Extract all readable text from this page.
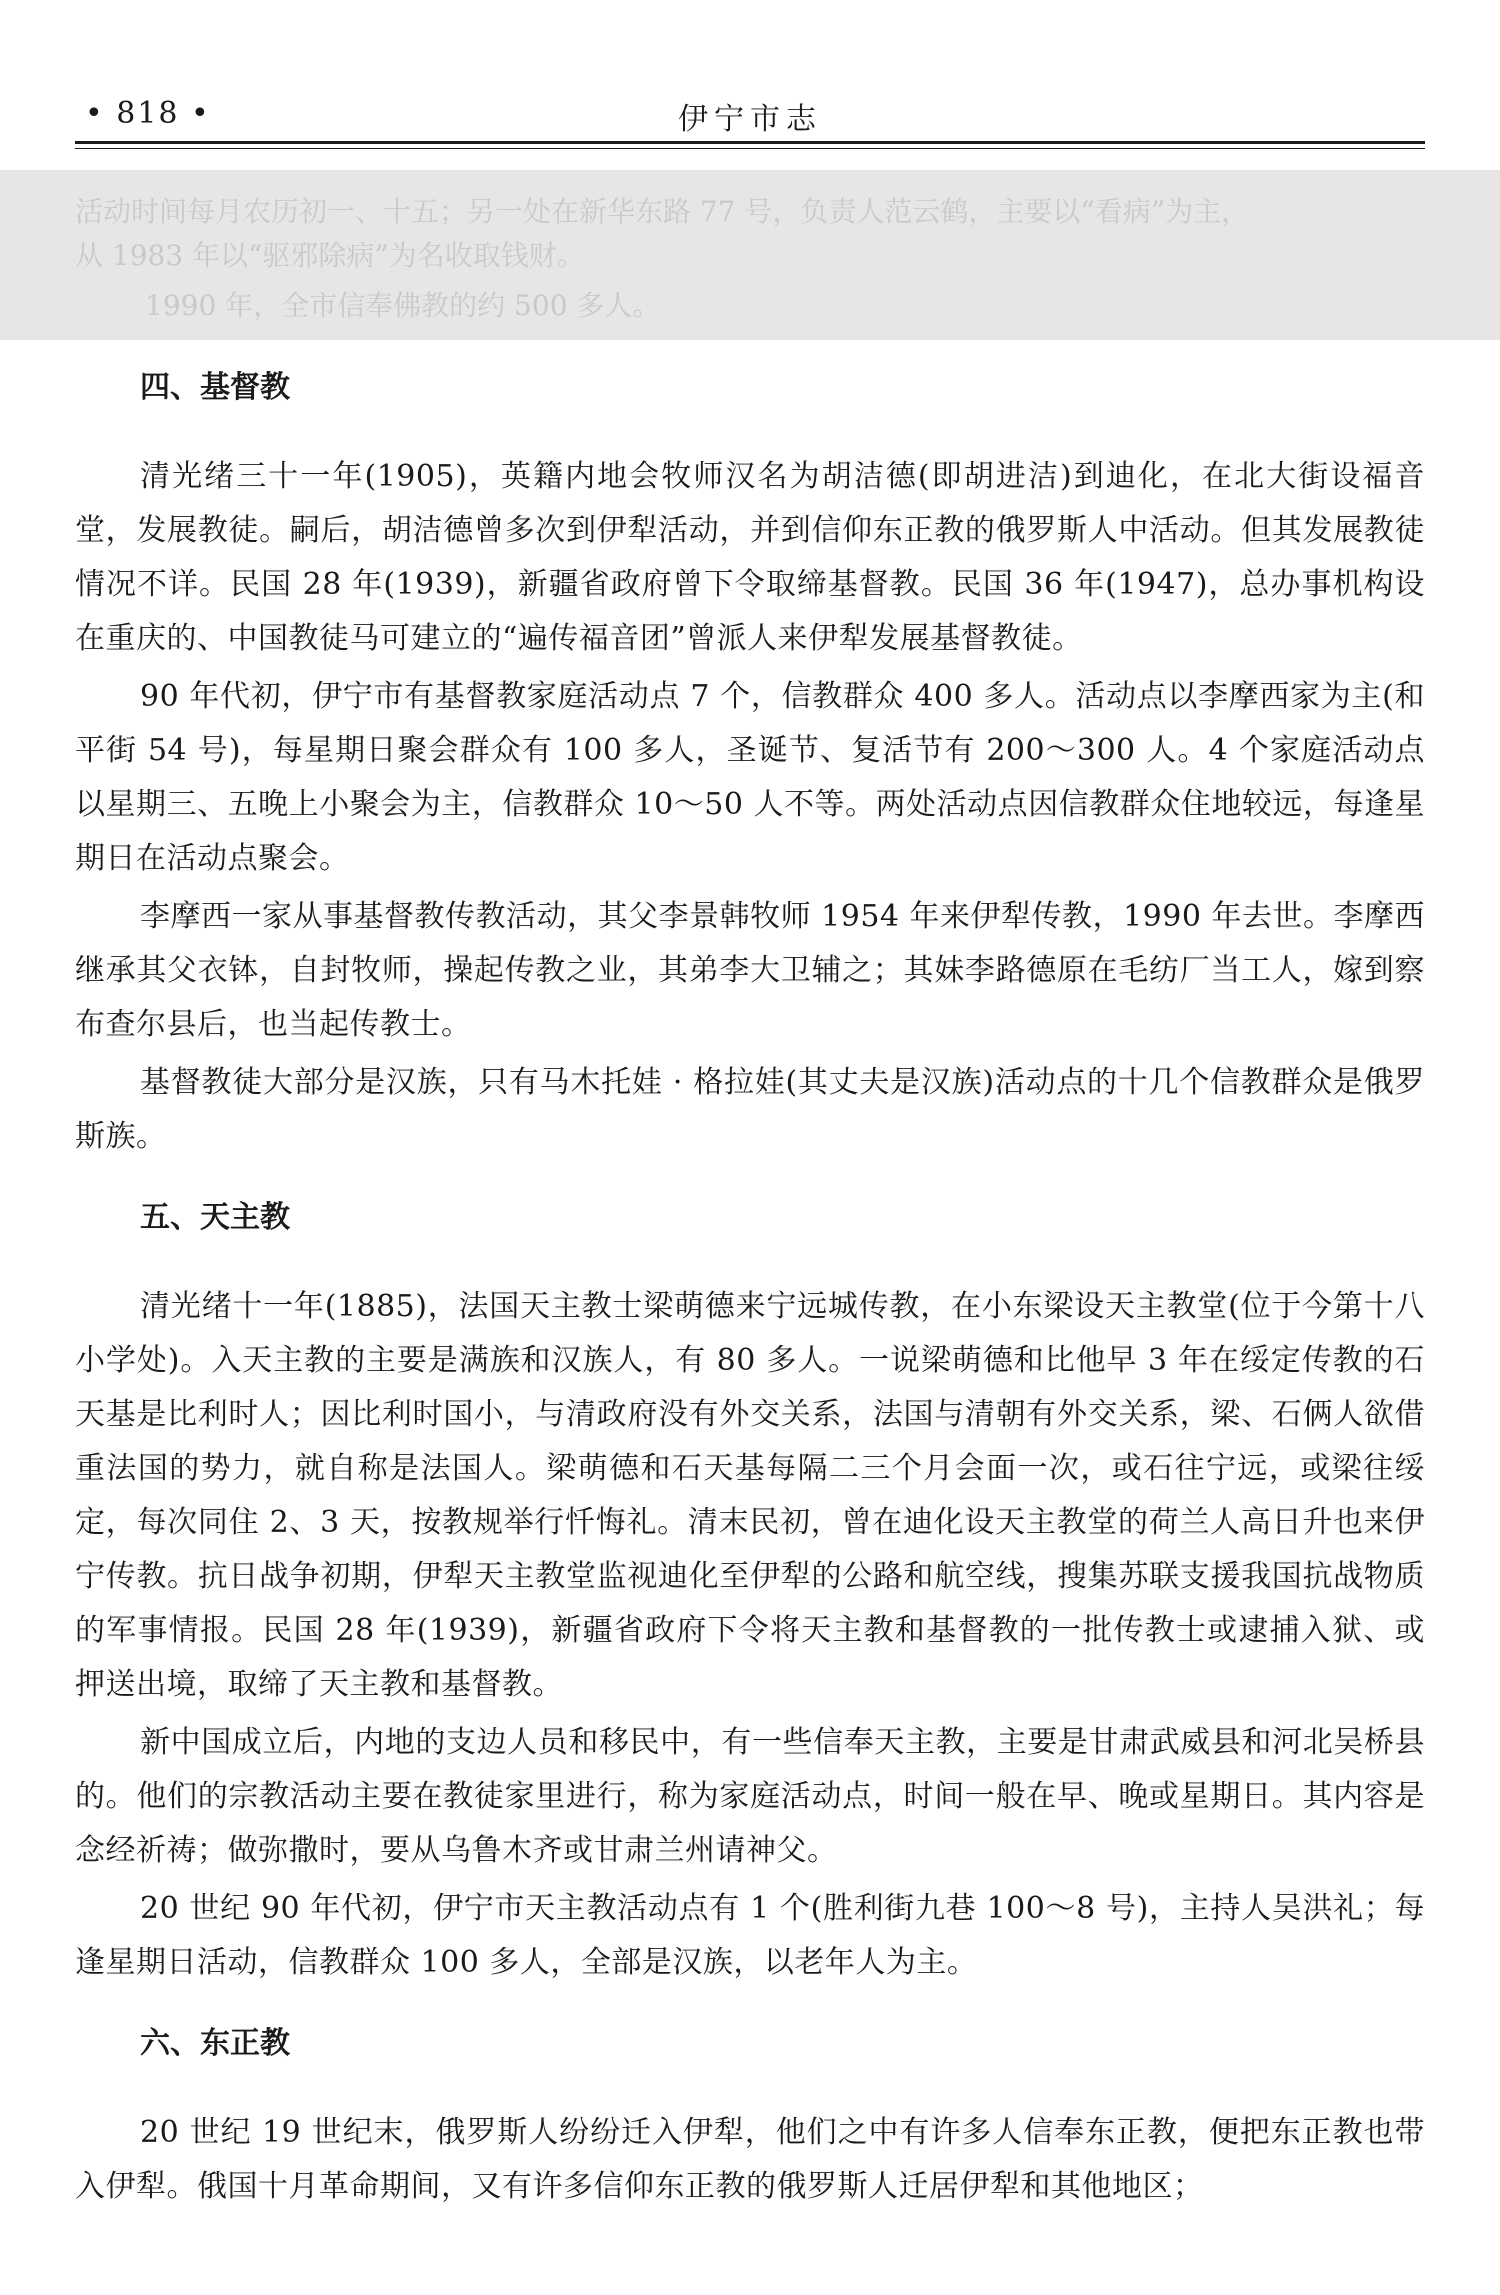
• 818 •	伊宁市志

活动时间每月农历初一、十五；另一处在新华东路 77 号，负责人范云鹤，主要以“看病”为主，

从 1983 年以“驱邪除病”为名收取钱财。

1990 年，全市信奉佛教的约 500 多人。

四、基督教

清光绪三十一年(1905)，英籍内地会牧师汉名为胡洁德(即胡进洁)到迪化，在北大街设福音堂，发展教徒。嗣后，胡洁德曾多次到伊犁活动，并到信仰东正教的俄罗斯人中活动。但其发展教徒情况不详。民国 28 年(1939)，新疆省政府曾下令取缔基督教。民国 36 年(1947)，总办事机构设在重庆的、中国教徒马可建立的“遍传福音团”曾派人来伊犁发展基督教徒。

90 年代初，伊宁市有基督教家庭活动点 7 个，信教群众 400 多人。活动点以李摩西家为主(和平街 54 号)，每星期日聚会群众有 100 多人，圣诞节、复活节有 200～300 人。4 个家庭活动点以星期三、五晚上小聚会为主，信教群众 10～50 人不等。两处活动点因信教群众住地较远，每逢星期日在活动点聚会。

李摩西一家从事基督教传教活动，其父李景韩牧师 1954 年来伊犁传教，1990 年去世。李摩西继承其父衣钵，自封牧师，操起传教之业，其弟李大卫辅之；其妹李路德原在毛纺厂当工人，嫁到察布查尔县后，也当起传教士。

基督教徒大部分是汉族，只有马木托娃 · 格拉娃(其丈夫是汉族)活动点的十几个信教群众是俄罗斯族。

五、天主教

清光绪十一年(1885)，法国天主教士梁萌德来宁远城传教，在小东梁设天主教堂(位于今第十八小学处)。入天主教的主要是满族和汉族人，有 80 多人。一说梁萌德和比他早 3 年在绥定传教的石天基是比利时人；因比利时国小，与清政府没有外交关系，法国与清朝有外交关系，梁、石俩人欲借重法国的势力，就自称是法国人。梁萌德和石天基每隔二三个月会面一次，或石往宁远，或梁往绥定，每次同住 2、3 天，按教规举行忏悔礼。清末民初，曾在迪化设天主教堂的荷兰人高日升也来伊宁传教。抗日战争初期，伊犁天主教堂监视迪化至伊犁的公路和航空线，搜集苏联支援我国抗战物质的军事情报。民国 28 年(1939)，新疆省政府下令将天主教和基督教的一批传教士或逮捕入狱、或押送出境，取缔了天主教和基督教。

新中国成立后，内地的支边人员和移民中，有一些信奉天主教，主要是甘肃武威县和河北吴桥县的。他们的宗教活动主要在教徒家里进行，称为家庭活动点，时间一般在早、晚或星期日。其内容是念经祈祷；做弥撒时，要从乌鲁木齐或甘肃兰州请神父。

20 世纪 90 年代初，伊宁市天主教活动点有 1 个(胜利街九巷 100～8 号)，主持人吴洪礼；每逢星期日活动，信教群众 100 多人，全部是汉族，以老年人为主。

六、东正教

20 世纪 19 世纪末，俄罗斯人纷纷迁入伊犁，他们之中有许多人信奉东正教，便把东正教也带入伊犁。俄国十月革命期间，又有许多信仰东正教的俄罗斯人迁居伊犁和其他地区；
